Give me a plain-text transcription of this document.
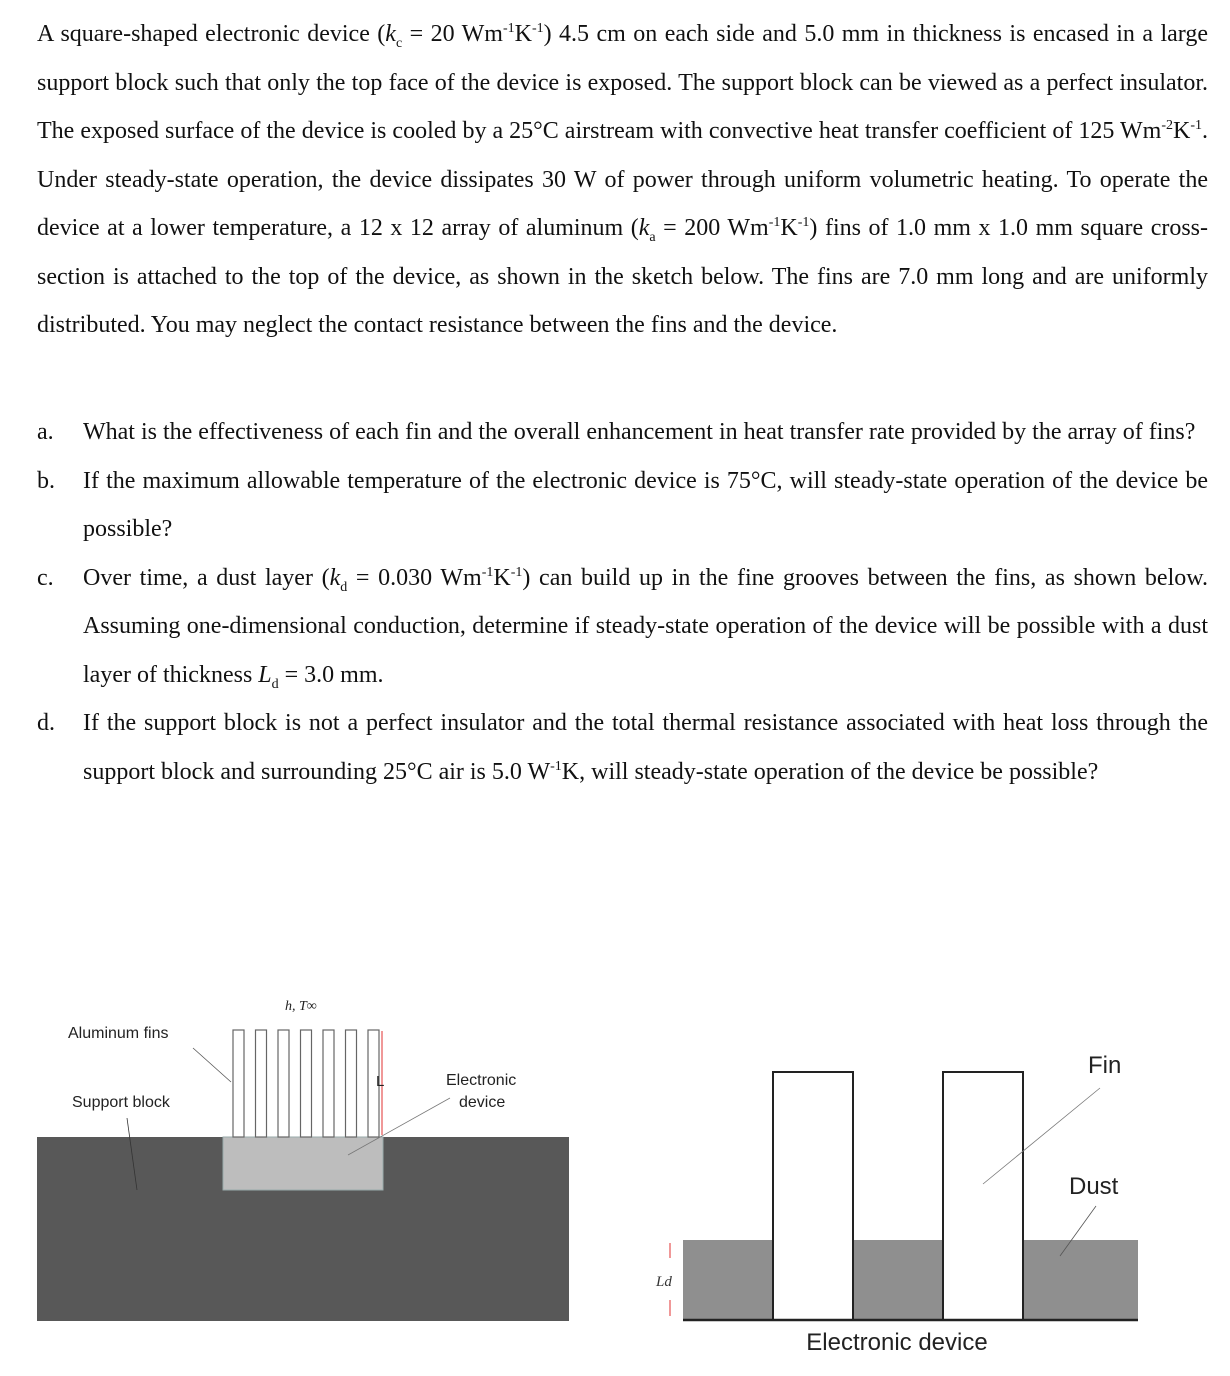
A square-shaped electronic device ($k_c = 20$ $Wm^{-1}K^{-1}$) 4.5 cm on each side and 5.0 mm in thickness is encased in a large support block such that only the top face of the device is exposed. The support block can be viewed as a perfect insulator. The exposed surface of the device is cooled by a 25°C airstream with convective heat transfer coefficient of 125 $Wm^{-2}K^{-1}$. Under steady-state operation, the device dissipates 30 W of power through uniform volumetric heating. To operate the device at a lower temperature, a 12 x 12 array of aluminum ($k_a = 200$ $Wm^{-1}K^{-1}$) fins of 1.0 mm x 1.0 mm square cross-section is attached to the top of the device, as shown in the sketch below. The fins are 7.0 mm long and are uniformly distributed. You may neglect the contact resistance between the fins and the device.

a. What is the effectiveness of each fin and the overall enhancement in heat transfer rate provided by the array of fins?
b. If the maximum allowable temperature of the electronic device is 75°C, will steady-state operation of the device be possible?
c. Over time, a dust layer ($k_d = 0.030$ $Wm^{-1}K^{-1}$) can build up in the fine grooves between the fins, as shown below. Assuming one-dimensional conduction, determine if steady-state operation of the device will be possible with a dust layer of thickness $L_d = 3.0$ mm.
d. If the support block is not a perfect insulator and the total thermal resistance associated with heat loss through the support block and surrounding 25°C air is 5.0 $W^{-1}K$, will steady-state operation of the device be possible?
Aluminum fins
Support block
h, T∞
L	Electronic
device
Ld
Fin
Dust
Electronic device
